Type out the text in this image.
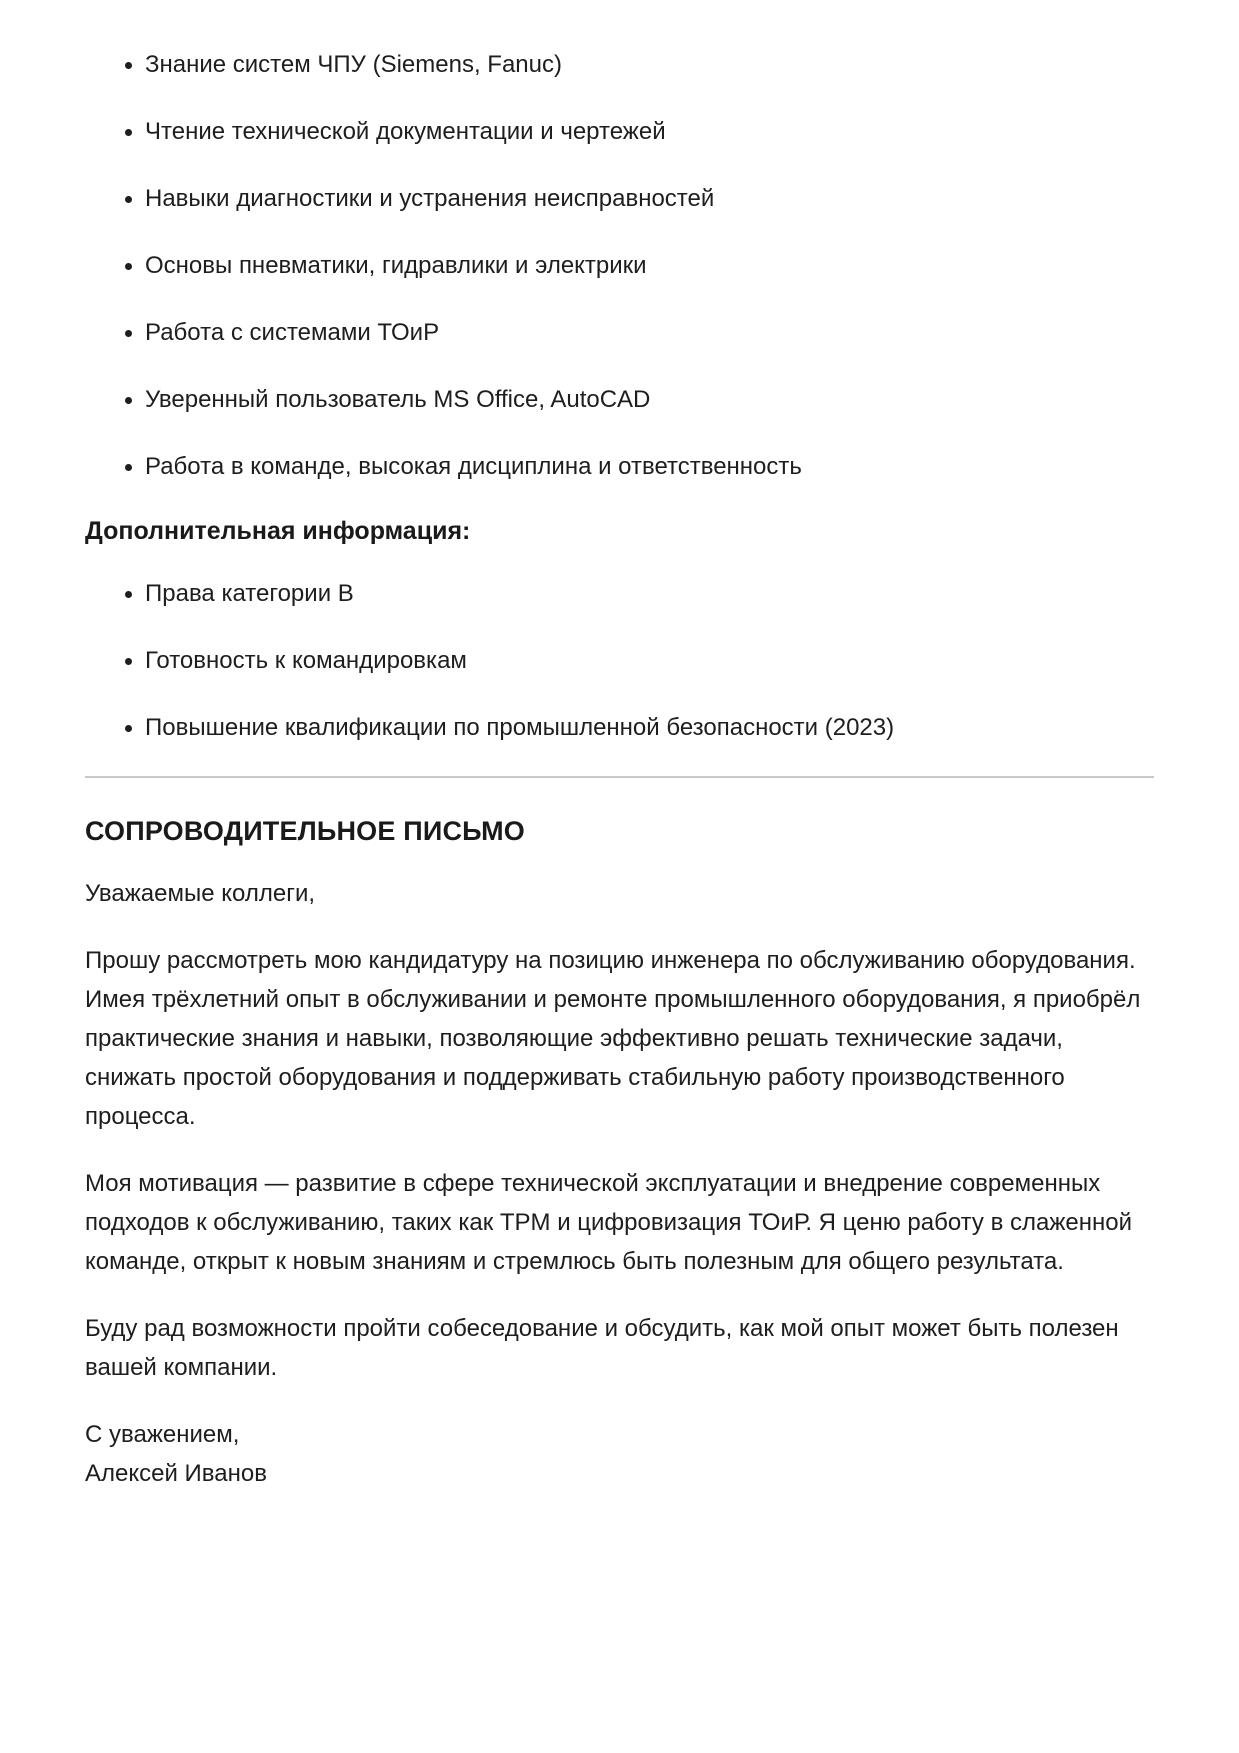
• Знание систем ЧПУ (Siemens, Fanuc)
• Чтение технической документации и чертежей
• Навыки диагностики и устранения неисправностей
• Основы пневматики, гидравлики и электрики
• Работа с системами ТОиР
• Уверенный пользователь MS Office, AutoCAD
• Работа в команде, высокая дисциплина и ответственность
Дополнительная информация:
• Права категории B
• Готовность к командировкам
• Повышение квалификации по промышленной безопасности (2023)
СОПРОВОДИТЕЛЬНОЕ ПИСЬМО

Уважаемые коллеги,

Прошу рассмотреть мою кандидатуру на позицию инженера по обслуживанию оборудования. Имея трёхлетний опыт в обслуживании и ремонте промышленного оборудования, я приобрёл практические знания и навыки, позволяющие эффективно решать технические задачи, снижать простой оборудования и поддерживать стабильную работу производственного процесса.

Моя мотивация — развитие в сфере технической эксплуатации и внедрение современных подходов к обслуживанию, таких как TPM и цифровизация ТОиР. Я ценю работу в слаженной команде, открыт к новым знаниям и стремлюсь быть полезным для общего результата.

Буду рад возможности пройти собеседование и обсудить, как мой опыт может быть полезен вашей компании.

С уважением,
Алексей Иванов
